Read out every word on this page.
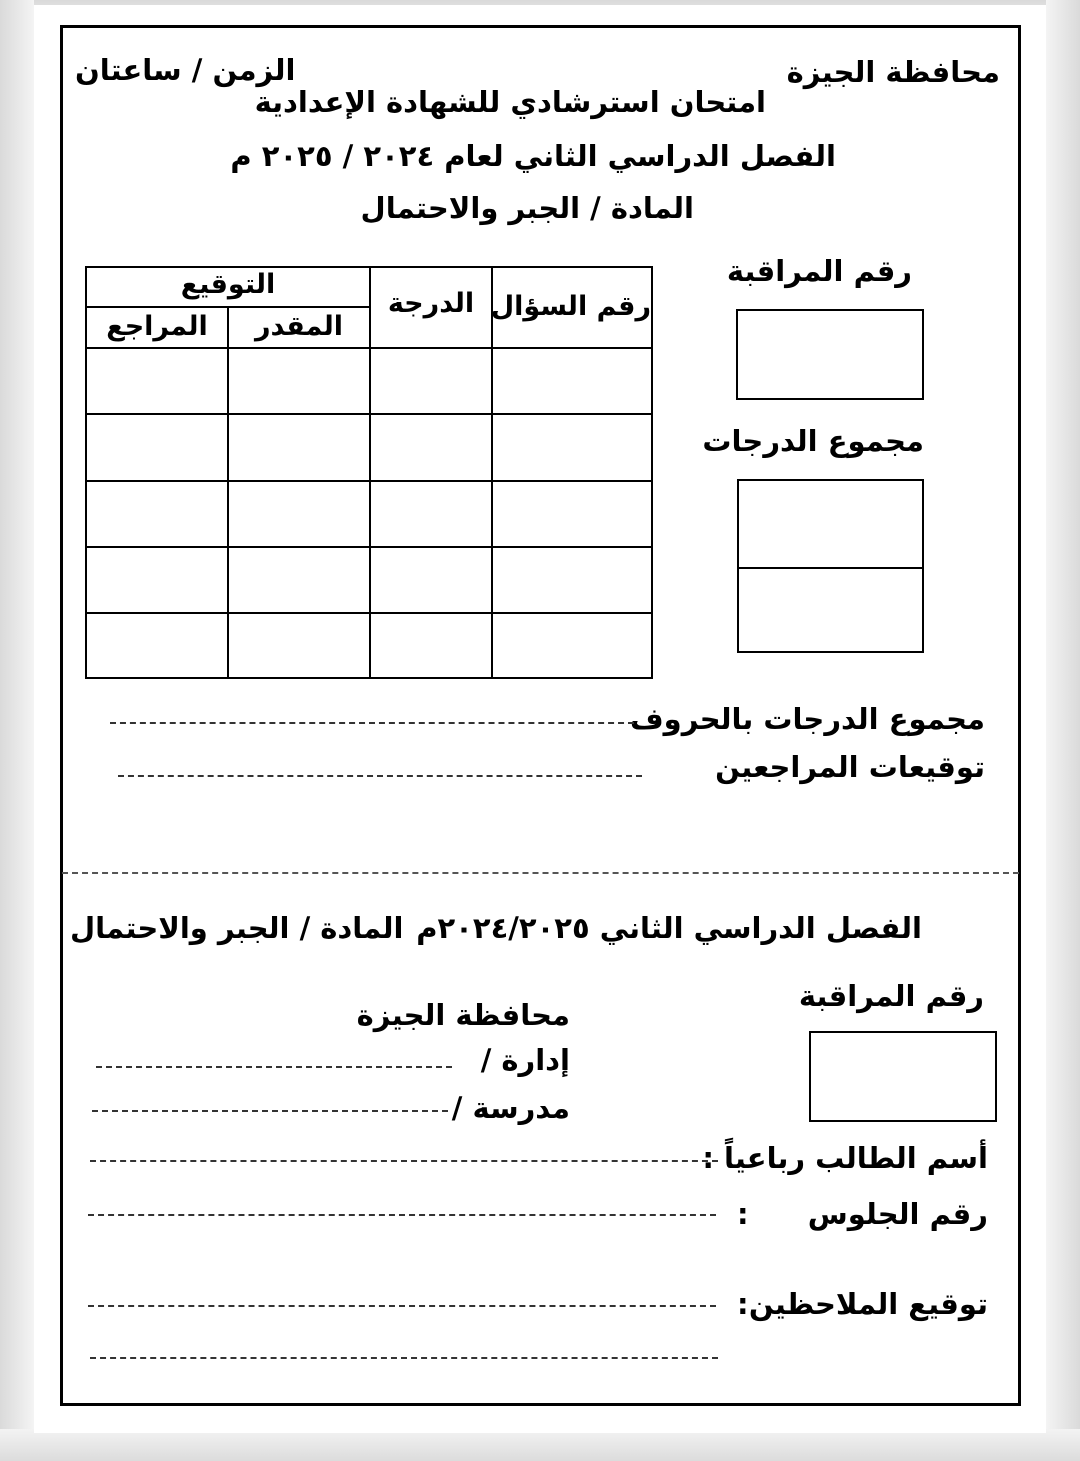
محافظة الجيزة
الزمن / ساعتان
امتحان استرشادي للشهادة الإعدادية
الفصل الدراسي الثاني لعام ٢٠٢٤ / ٢٠٢٥ م
المادة / الجبر والاحتمال
رقم السؤال
الدرجة
التوقيع
المقدر
المراجع
رقم المراقبة
مجموع الدرجات
مجموع الدرجات بالحروف
توقيعات المراجعين
الفصل الدراسي الثاني ٢٠٢٤/٢٠٢٥م
المادة / الجبر والاحتمال
رقم المراقبة
محافظة الجيزة
إدارة /
مدرسة /
أسم الطالب رباعياً :
رقم الجلوس
:
توقيع الملاحظين
:
